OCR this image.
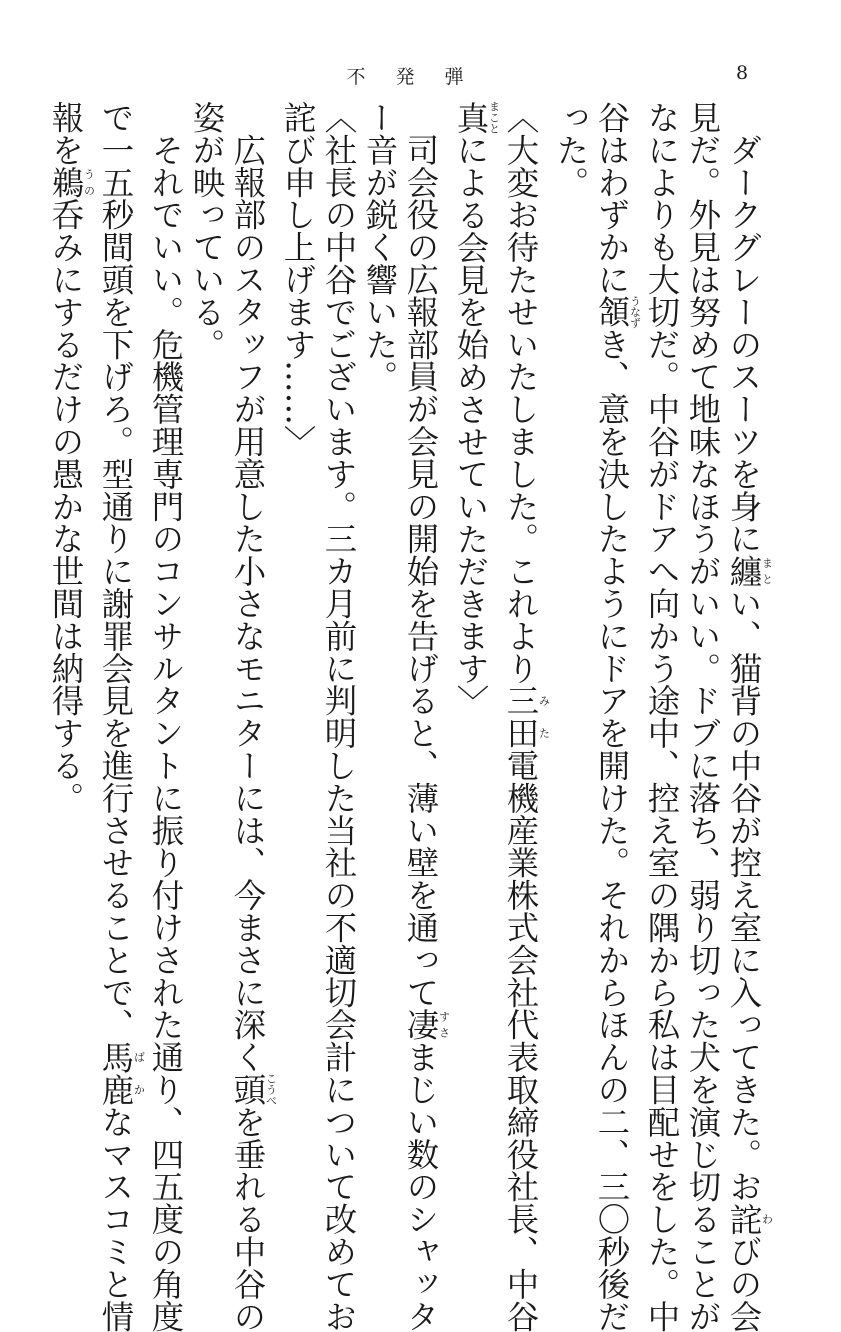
不発弾	8
　ダークグレーのスーツを身に纏まとい、猫背の中谷が控え室に入ってきた。お詫わびの会
見だ。外見は努めて地味なほうがいい。ドブに落ち、弱り切った犬を演じ切ることが
なによりも大切だ。中谷がドアへ向かう途中、控え室の隅から私は目配せをした。中
谷はわずかに頷うなずき、意を決したようにドアを開けた。それからほんの二、三〇秒後だ
った。
〈大変お待たせいたしました。これより三田みた電機産業株式会社代表取締役社長、中谷
真まことによる会見を始めさせていただきます〉
　司会役の広報部員が会見の開始を告げると、薄い壁を通って凄すさまじい数のシャッタ
ー音が鋭く響いた。
〈社長の中谷でございます。三カ月前に判明した当社の不適切会計について改めてお
詫び申し上げます……〉
　広報部のスタッフが用意した小さなモニターには、今まさに深く頭こうべを垂れる中谷の
姿が映っている。
　それでいい。危機管理専門のコンサルタントに振り付けされた通り、四五度の角度
で一五秒間頭を下げろ。型通りに謝罪会見を進行させることで、馬鹿ばかなマスコミと情
報を鵜うの呑みにするだけの愚かな世間は納得する。
